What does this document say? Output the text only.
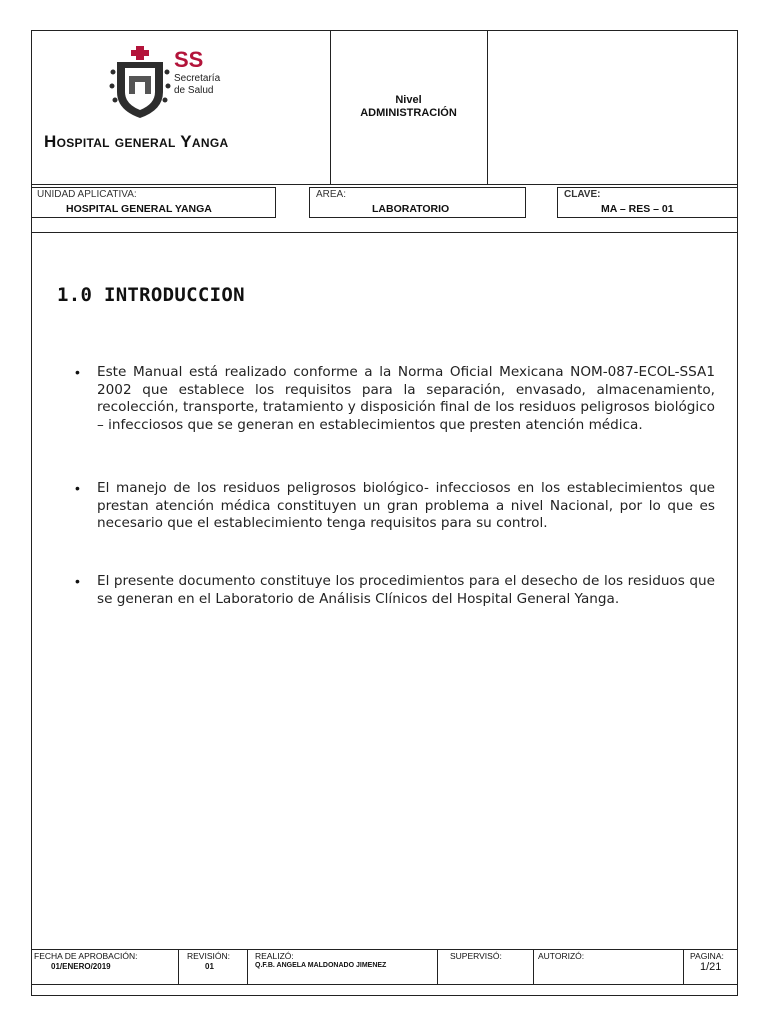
SS
Secretaría
de Salud
Hospital general Yanga
Nivel
ADMINISTRACIÓN
UNIDAD APLICATIVA:
HOSPITAL GENERAL YANGA
AREA:
LABORATORIO
CLAVE:
MA – RES – 01
1.0 INTRODUCCION
• Este Manual está realizado conforme a la Norma Oficial Mexicana NOM-087-ECOL-SSA1 2002 que establece los requisitos para la separación, envasado, almacenamiento, recolección, transporte, tratamiento y disposición final de los residuos peligrosos biológico – infecciosos que se generan en establecimientos que presten atención médica.
• El manejo de los residuos peligrosos biológico- infecciosos en los establecimientos que prestan atención médica constituyen un gran problema a nivel Nacional, por lo que es necesario que el establecimiento tenga requisitos para su control.
• El presente documento constituye los procedimientos para el desecho de los residuos que se generan en el Laboratorio de Análisis Clínicos del Hospital General Yanga.
FECHA DE APROBACIÓN:
01/ENERO/2019
REVISIÓN:
01
REALIZÓ:
Q.F.B. ANGELA MALDONADO JIMENEZ
SUPERVISÓ:	AUTORIZÓ:	PAGINA:
1/21
